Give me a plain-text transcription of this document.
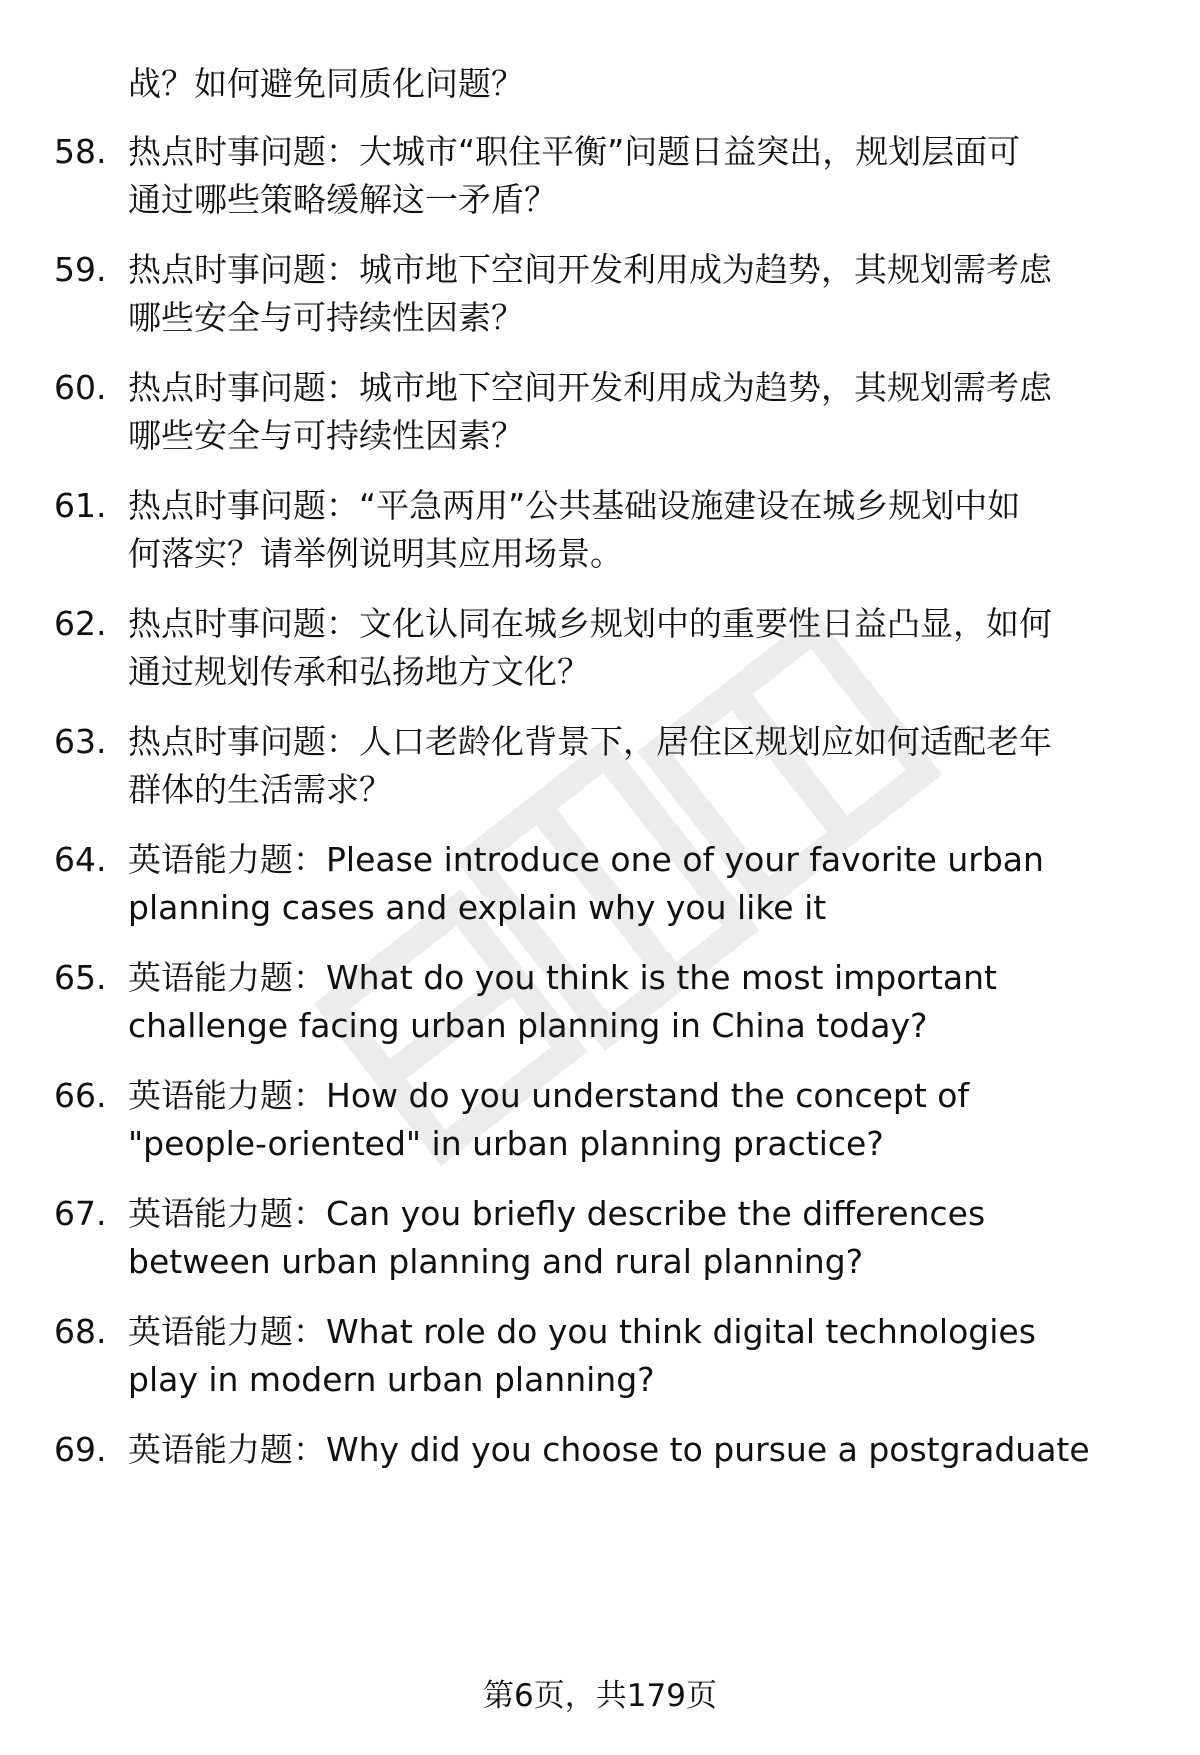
战？如何避免同质化问题？
58. 热点时事问题：大城市“职住平衡”问题日益突出，规划层面可
通过哪些策略缓解这一矛盾？
59. 热点时事问题：城市地下空间开发利用成为趋势，其规划需考虑
哪些安全与可持续性因素？
60. 热点时事问题：城市地下空间开发利用成为趋势，其规划需考虑
哪些安全与可持续性因素？
61. 热点时事问题：“平急两用”公共基础设施建设在城乡规划中如
何落实？请举例说明其应用场景。
62. 热点时事问题：文化认同在城乡规划中的重要性日益凸显，如何
通过规划传承和弘扬地方文化？
63. 热点时事问题：人口老龄化背景下，居住区规划应如何适配老年
群体的生活需求？
64. 英语能力题：Please introduce one of your favorite urban
planning cases and explain why you like it
65. 英语能力题：What do you think is the most important
challenge facing urban planning in China today?
66. 英语能力题：How do you understand the concept of
"people-oriented" in urban planning practice?
67. 英语能力题：Can you briefly describe the differences
between urban planning and rural planning?
68. 英语能力题：What role do you think digital technologies
play in modern urban planning?
69. 英语能力题：Why did you choose to pursue a postgraduate
第6页，共179页
